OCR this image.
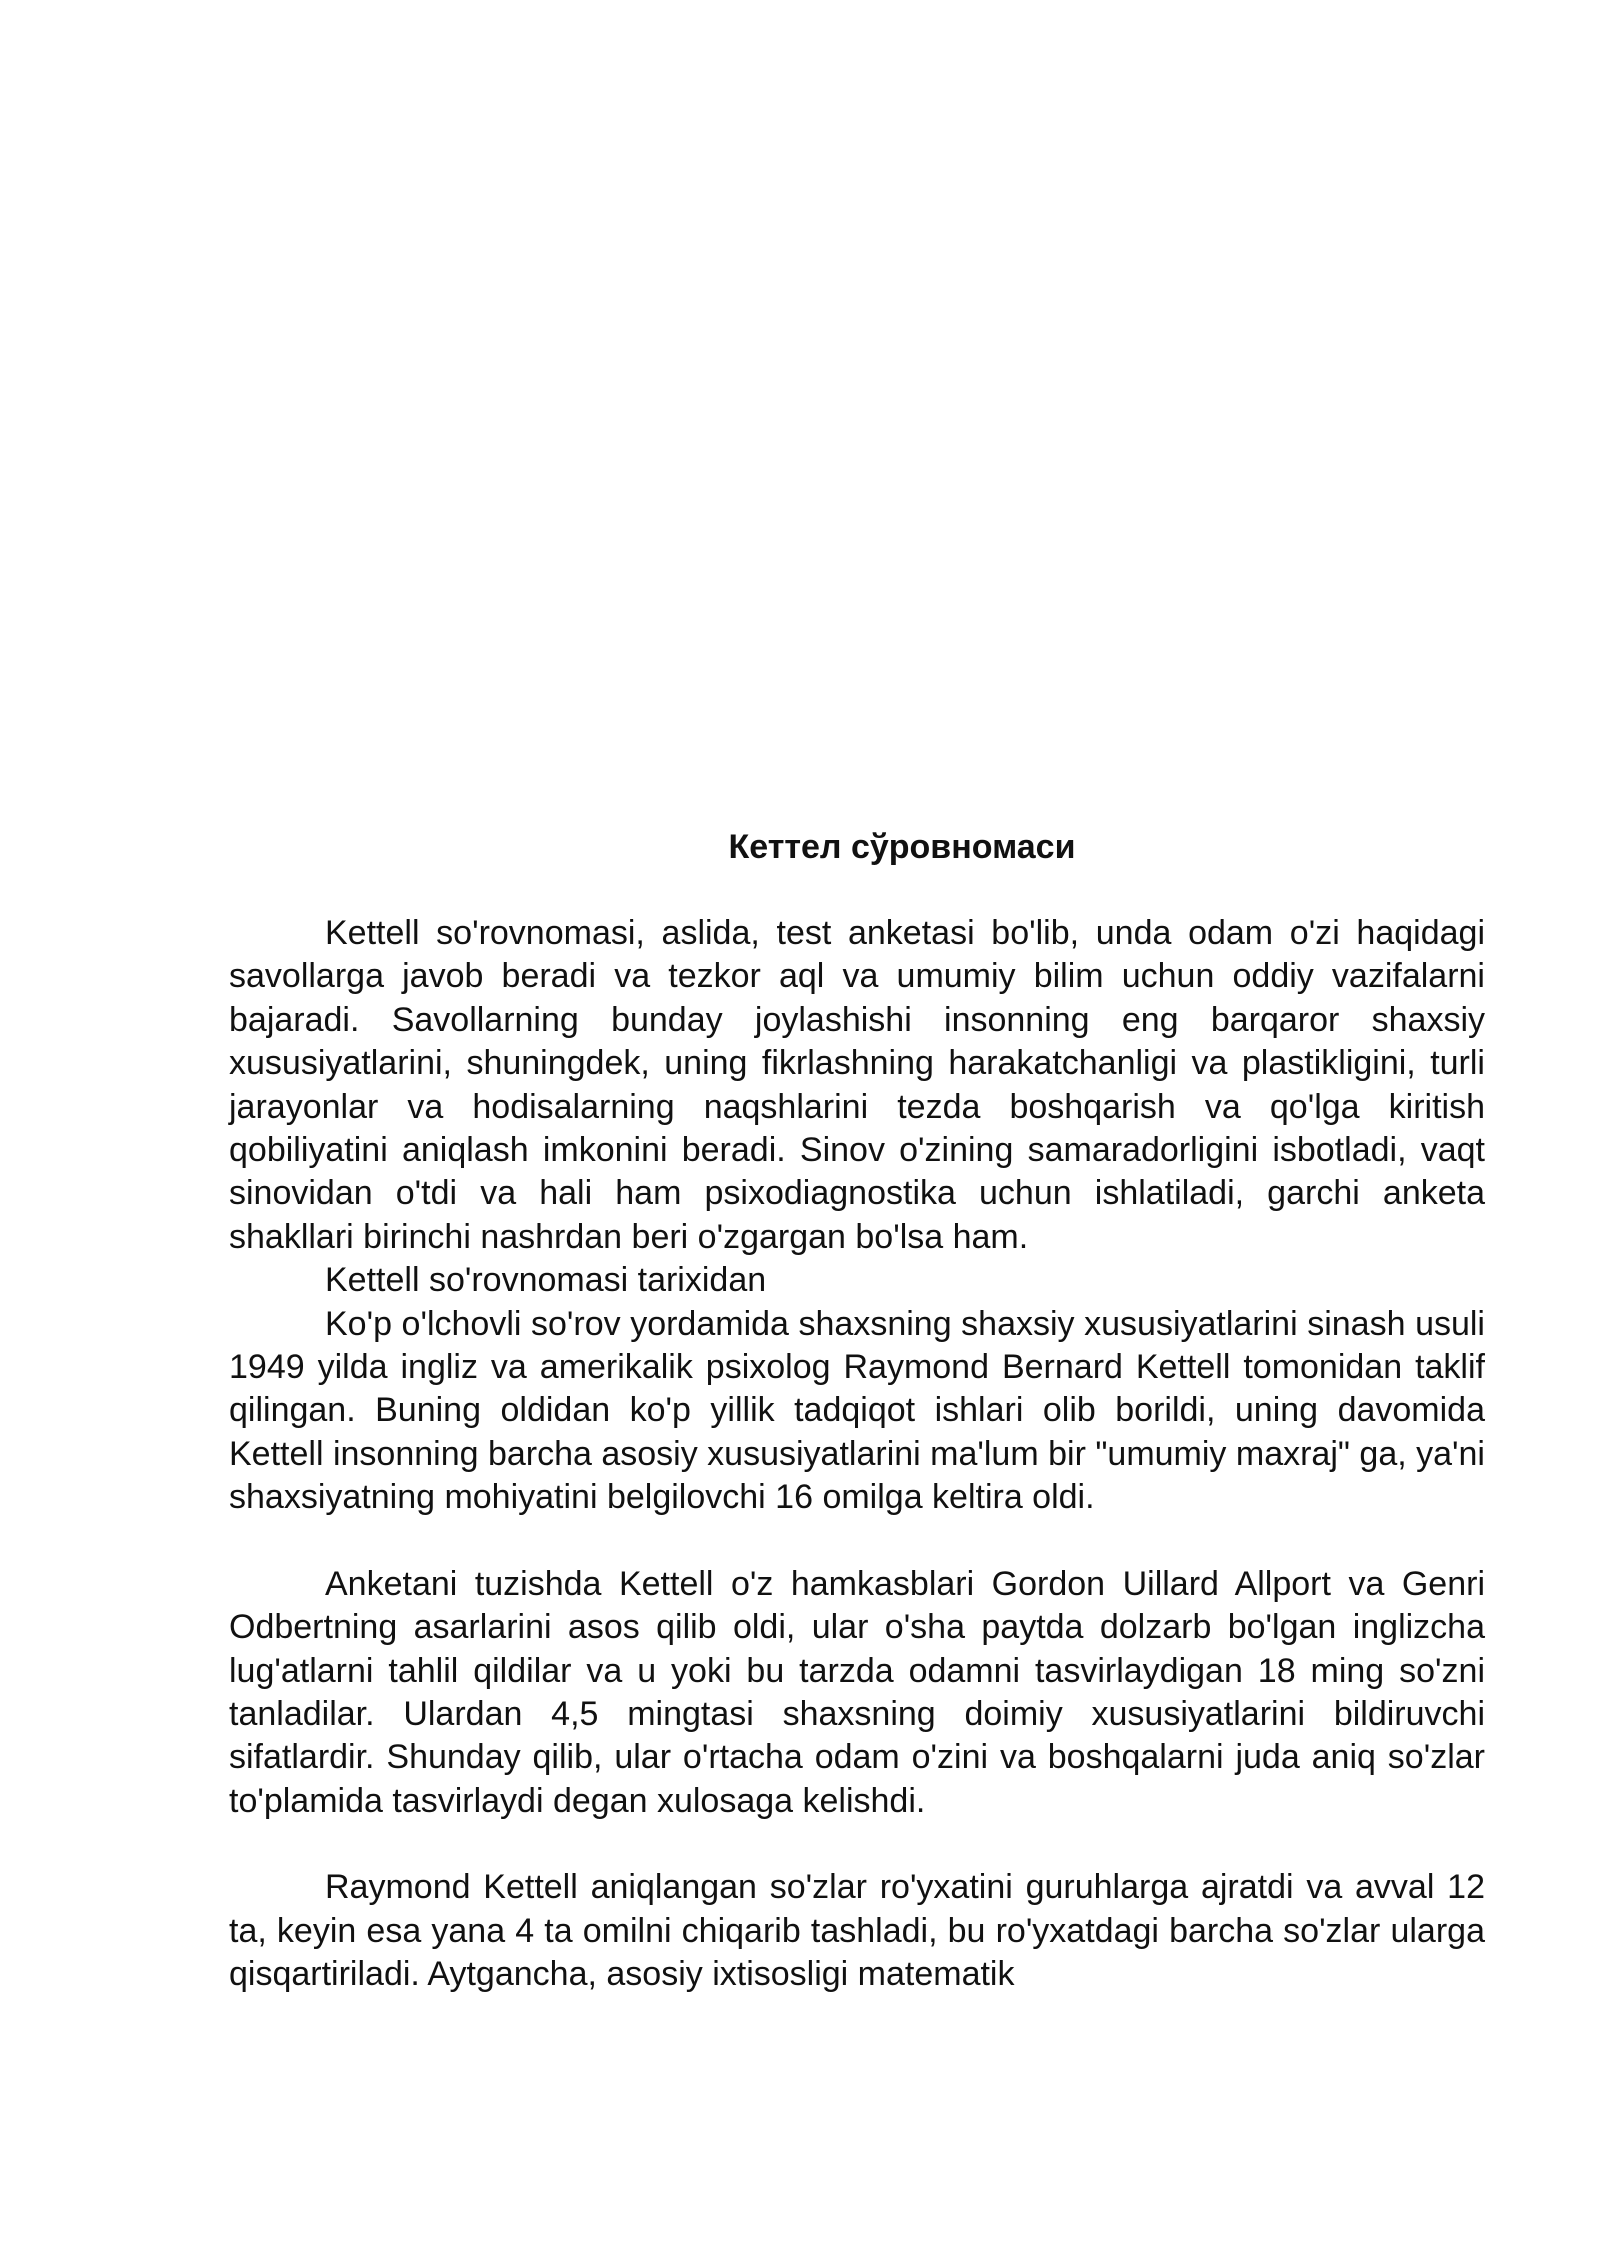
Кеттел сўровномаси

Kettell so'rovnomasi, aslida, test anketasi bo'lib, unda odam o'zi haqidagi savollarga javob beradi va tezkor aql va umumiy bilim uchun oddiy vazifalarni bajaradi. Savollarning bunday joylashishi insonning eng barqaror shaxsiy xususiyatlarini, shuningdek, uning fikrlashning harakatchanligi va plastikligini, turli jarayonlar va hodisalarning naqshlarini tezda boshqarish va qo'lga kiritish qobiliyatini aniqlash imkonini beradi. Sinov o'zining samaradorligini isbotladi, vaqt sinovidan o'tdi va hali ham psixodiagnostika uchun ishlatiladi, garchi anketa shakllari birinchi nashrdan beri o'zgargan bo'lsa ham.

Kettell so'rovnomasi tarixidan

Ko'p o'lchovli so'rov yordamida shaxsning shaxsiy xususiyatlarini sinash usuli 1949 yilda ingliz va amerikalik psixolog Raymond Bernard Kettell tomonidan taklif qilingan. Buning oldidan ko'p yillik tadqiqot ishlari olib borildi, uning davomida Kettell insonning barcha asosiy xususiyatlarini ma'lum bir "umumiy maxraj" ga, ya'ni shaxsiyatning mohiyatini belgilovchi 16 omilga keltira oldi.

Anketani tuzishda Kettell o'z hamkasblari Gordon Uillard Allport va Genri Odbertning asarlarini asos qilib oldi, ular o'sha paytda dolzarb bo'lgan inglizcha lug'atlarni tahlil qildilar va u yoki bu tarzda odamni tasvirlaydigan 18 ming so'zni tanladilar. Ulardan 4,5 mingtasi shaxsning doimiy xususiyatlarini bildiruvchi sifatlardir. Shunday qilib, ular o'rtacha odam o'zini va boshqalarni juda aniq so'zlar to'plamida tasvirlaydi degan xulosaga kelishdi.

Raymond Kettell aniqlangan so'zlar ro'yxatini guruhlarga ajratdi va avval 12 ta, keyin esa yana 4 ta omilni chiqarib tashladi, bu ro'yxatdagi barcha so'zlar ularga qisqartiriladi. Aytgancha, asosiy ixtisosligi matematik
